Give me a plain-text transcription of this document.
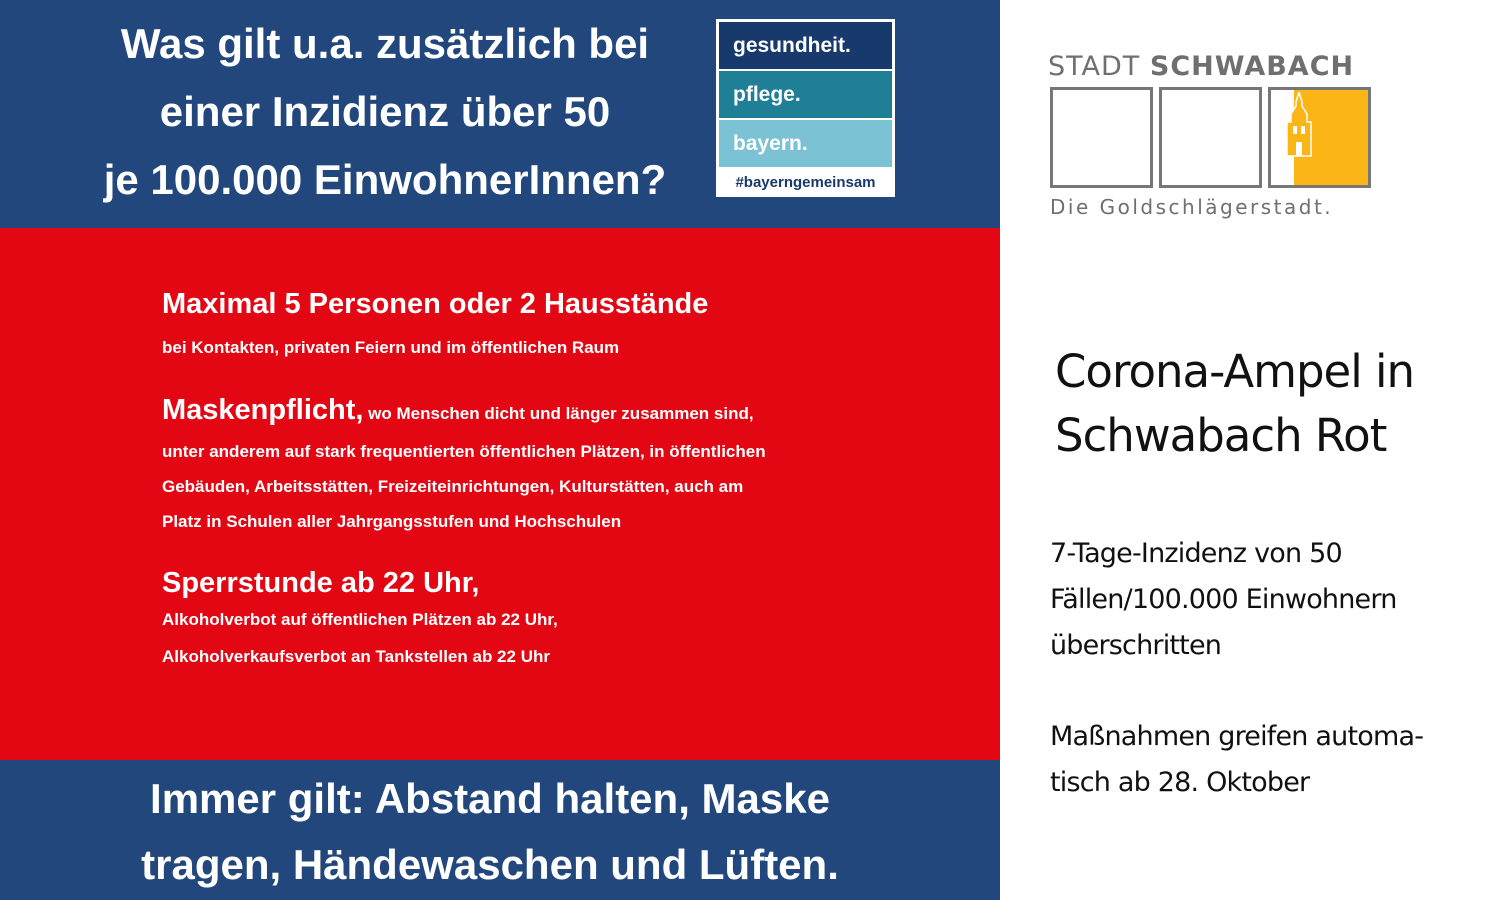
Was gilt u.a. zusätzlich bei
einer Inzidienz über 50
je 100.000 EinwohnerInnen?
gesundheit.
pflege.
bayern.
#bayerngemeinsam
Maximal 5 Personen oder 2 Hausstände
bei Kontakten, privaten Feiern und im öffentlichen Raum
Maskenpflicht, wo Menschen dicht und länger zusammen sind,
unter anderem auf stark frequentierten öffentlichen Plätzen, in öffentlichen
Gebäuden, Arbeitsstätten, Freizeiteinrichtungen, Kulturstätten, auch am
Platz in Schulen aller Jahrgangsstufen und Hochschulen
Sperrstunde ab 22 Uhr,
Alkoholverbot auf öffentlichen Plätzen ab 22 Uhr,
Alkoholverkaufsverbot an Tankstellen ab 22 Uhr
Immer gilt: Abstand halten, Maske
tragen, Händewaschen und Lüften.
STADT SCHWABACH
Die Goldschlägerstadt.
Corona-Ampel in
Schwabach Rot
7-Tage-Inzidenz von 50
Fällen/100.000 Einwohnern
überschritten
Maßnahmen greifen automa-
tisch ab 28. Oktober
